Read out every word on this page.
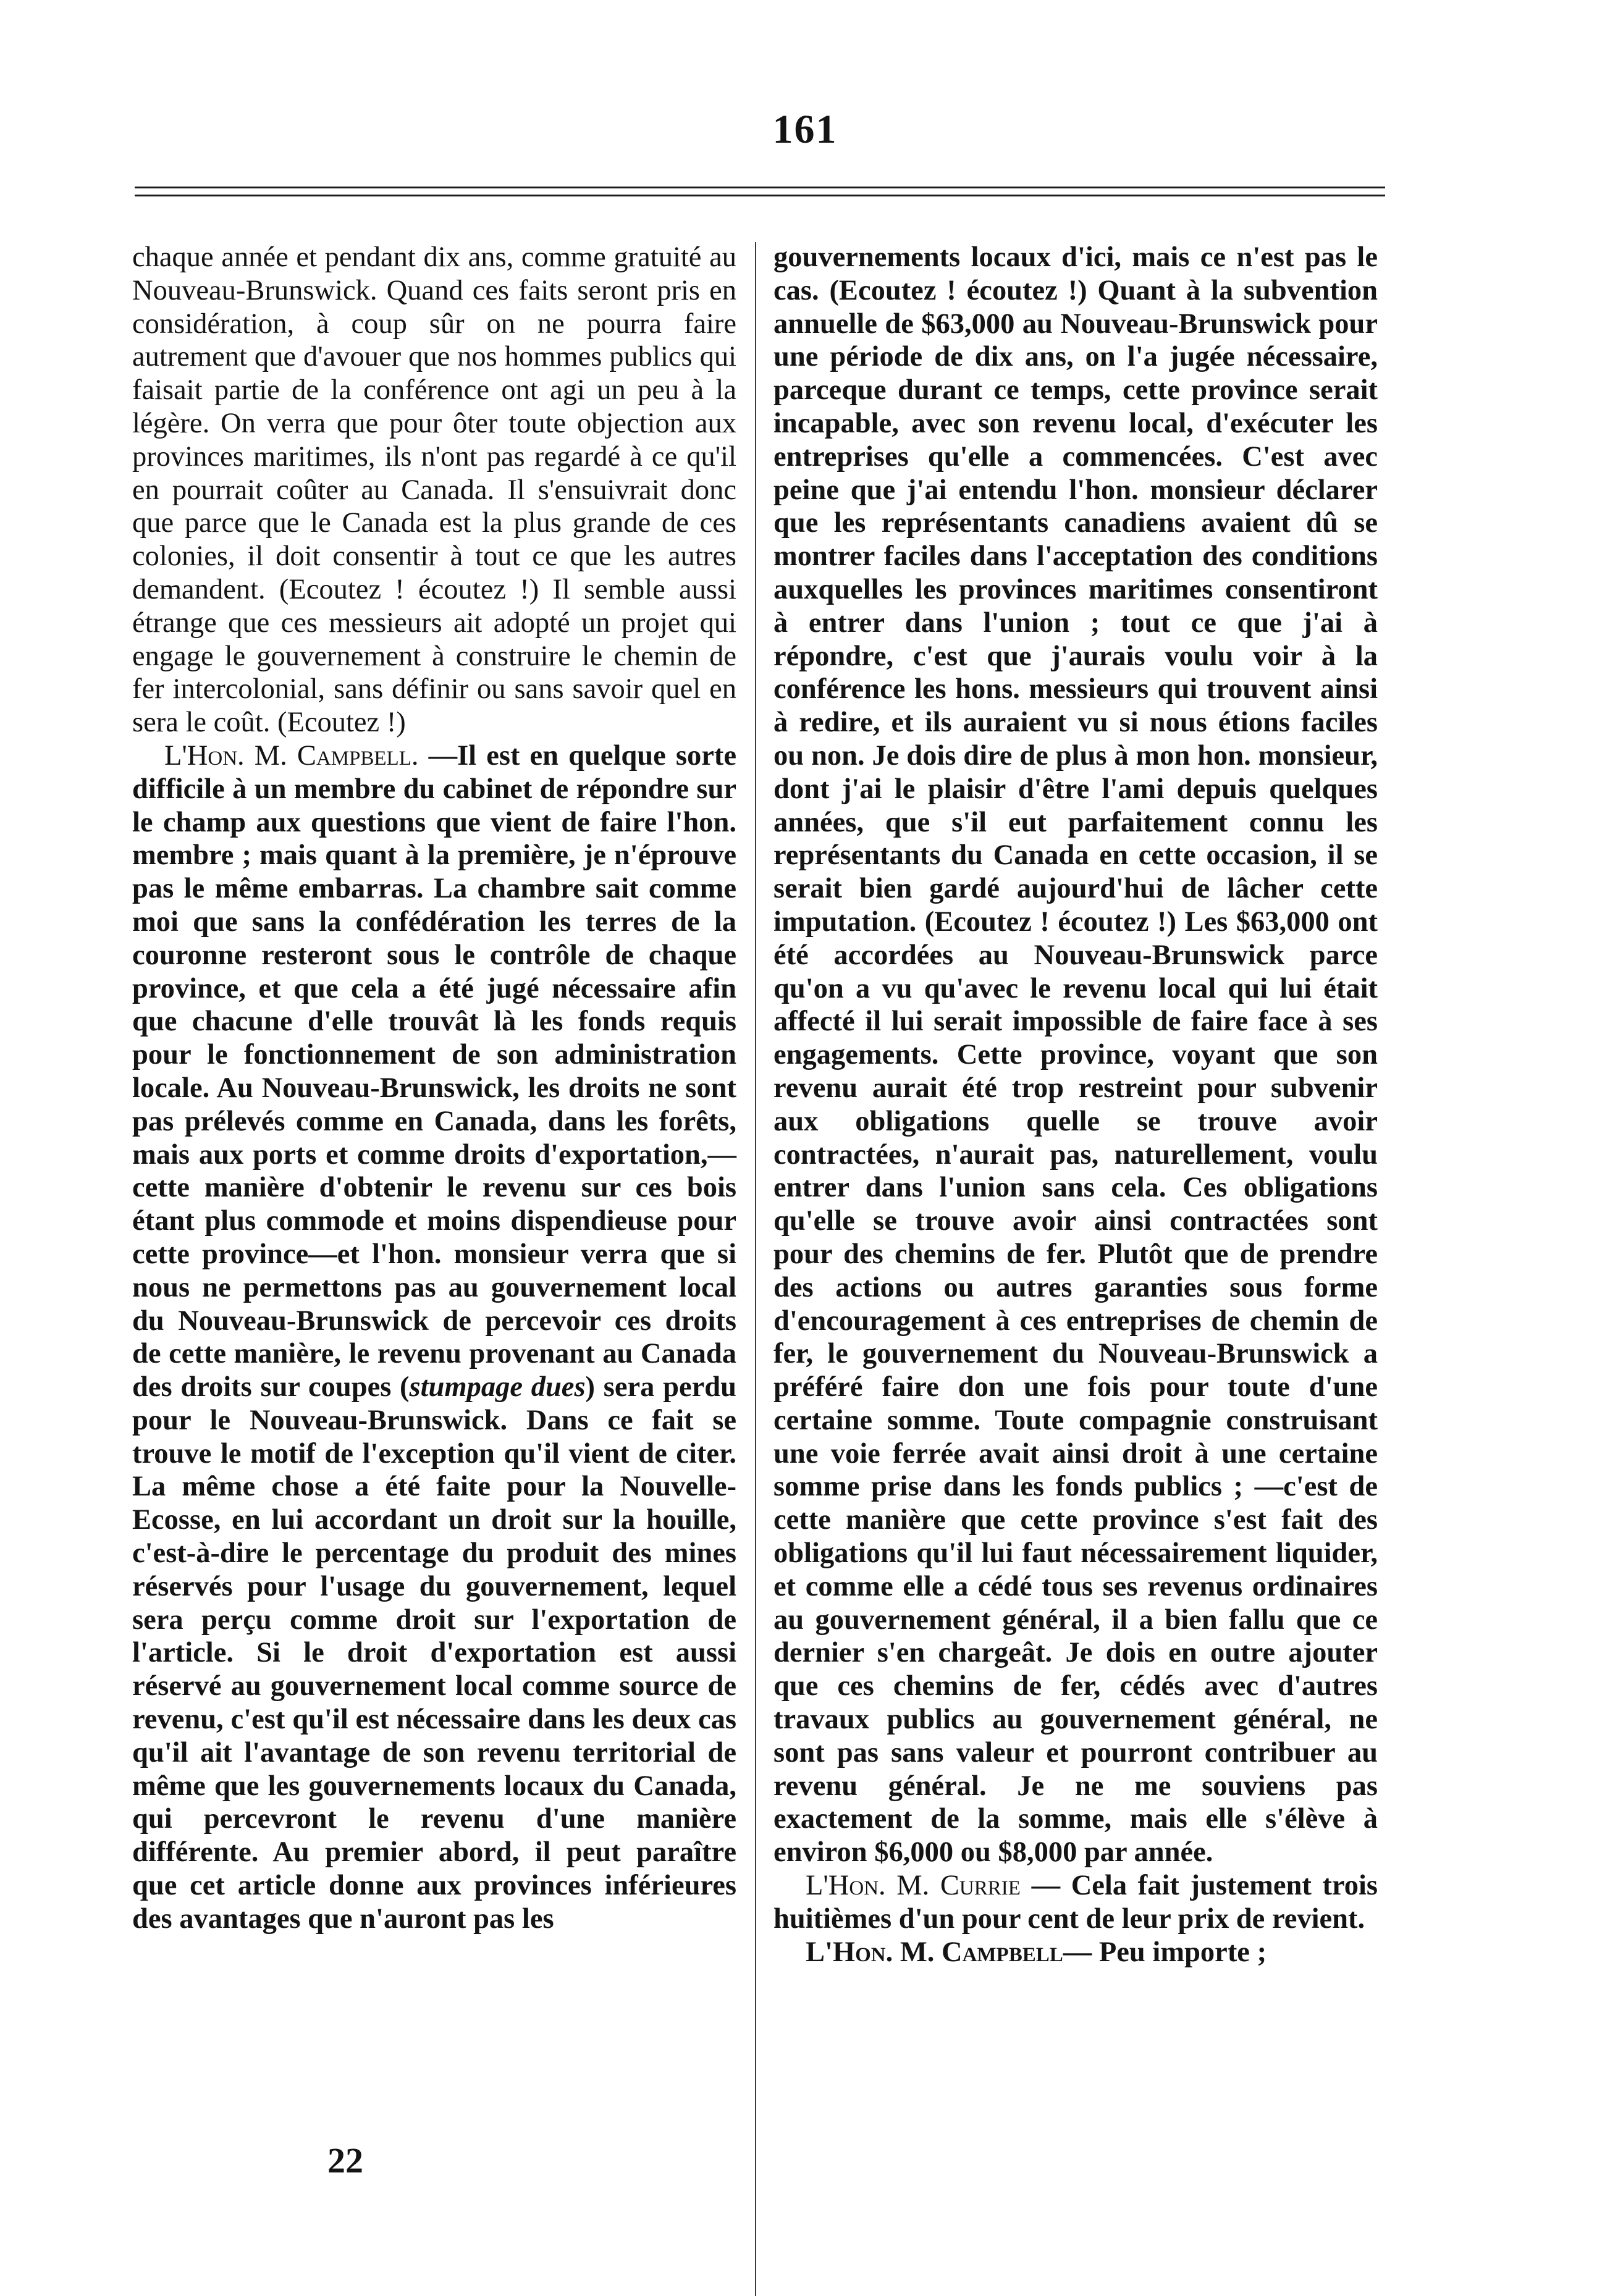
161

chaque année et pendant dix ans, comme gratuité au Nouveau-Brunswick. Quand ces faits seront pris en considération, à coup sûr on ne pourra faire autrement que d'avouer que nos hommes publics qui faisait partie de la conférence ont agi un peu à la légère. On verra que pour ôter toute objection aux provinces maritimes, ils n'ont pas regardé à ce qu'il en pourrait coûter au Canada. Il s'ensuivrait donc que parce que le Canada est la plus grande de ces colonies, il doit consentir à tout ce que les autres demandent. (Ecoutez ! écoutez !) Il semble aussi étrange que ces messieurs ait adopté un projet qui engage le gouvernement à construire le chemin de fer intercolonial, sans définir ou sans savoir quel en sera le coût. (Ecoutez !)

L'Hon. M. Campbell. —Il est en quelque sorte difficile à un membre du cabinet de répondre sur le champ aux questions que vient de faire l'hon. membre ; mais quant à la première, je n'éprouve pas le même embarras. La chambre sait comme moi que sans la confédération les terres de la couronne resteront sous le contrôle de chaque province, et que cela a été jugé nécessaire afin que chacune d'elle trouvât là les fonds requis pour le fonctionnement de son administration locale. Au Nouveau-Brunswick, les droits ne sont pas prélevés comme en Canada, dans les forêts, mais aux ports et comme droits d'exportation,—cette manière d'obtenir le revenu sur ces bois étant plus commode et moins dispendieuse pour cette province—et l'hon. monsieur verra que si nous ne permettons pas au gouvernement local du Nouveau-Brunswick de percevoir ces droits de cette manière, le revenu provenant au Canada des droits sur coupes (stumpage dues) sera perdu pour le Nouveau-Brunswick. Dans ce fait se trouve le motif de l'exception qu'il vient de citer. La même chose a été faite pour la Nouvelle-Ecosse, en lui accordant un droit sur la houille, c'est-à-dire le percentage du produit des mines réservés pour l'usage du gouvernement, lequel sera perçu comme droit sur l'exportation de l'article. Si le droit d'exportation est aussi réservé au gouvernement local comme source de revenu, c'est qu'il est nécessaire dans les deux cas qu'il ait l'avantage de son revenu territorial de même que les gouvernements locaux du Canada, qui percevront le revenu d'une manière différente. Au premier abord, il peut paraître que cet article donne aux provinces inférieures des avantages que n'auront pas les

gouvernements locaux d'ici, mais ce n'est pas le cas. (Ecoutez ! écoutez !) Quant à la subvention annuelle de $63,000 au Nouveau-Brunswick pour une période de dix ans, on l'a jugée nécessaire, parceque durant ce temps, cette province serait incapable, avec son revenu local, d'exécuter les entreprises qu'elle a commencées. C'est avec peine que j'ai entendu l'hon. monsieur déclarer que les représentants canadiens avaient dû se montrer faciles dans l'acceptation des conditions auxquelles les provinces maritimes consentiront à entrer dans l'union ; tout ce que j'ai à répondre, c'est que j'aurais voulu voir à la conférence les hons. messieurs qui trouvent ainsi à redire, et ils auraient vu si nous étions faciles ou non. Je dois dire de plus à mon hon. monsieur, dont j'ai le plaisir d'être l'ami depuis quelques années, que s'il eut parfaitement connu les représentants du Canada en cette occasion, il se serait bien gardé aujourd'hui de lâcher cette imputation. (Ecoutez ! écoutez !) Les $63,000 ont été accordées au Nouveau-Brunswick parce qu'on a vu qu'avec le revenu local qui lui était affecté il lui serait impossible de faire face à ses engagements. Cette province, voyant que son revenu aurait été trop restreint pour subvenir aux obligations quelle se trouve avoir contractées, n'aurait pas, naturellement, voulu entrer dans l'union sans cela. Ces obligations qu'elle se trouve avoir ainsi contractées sont pour des chemins de fer. Plutôt que de prendre des actions ou autres garanties sous forme d'encouragement à ces entreprises de chemin de fer, le gouvernement du Nouveau-Brunswick a préféré faire don une fois pour toute d'une certaine somme. Toute compagnie construisant une voie ferrée avait ainsi droit à une certaine somme prise dans les fonds publics ; —c'est de cette manière que cette province s'est fait des obligations qu'il lui faut nécessairement liquider, et comme elle a cédé tous ses revenus ordinaires au gouvernement général, il a bien fallu que ce dernier s'en chargeât. Je dois en outre ajouter que ces chemins de fer, cédés avec d'autres travaux publics au gouvernement général, ne sont pas sans valeur et pourront contribuer au revenu général. Je ne me souviens pas exactement de la somme, mais elle s'élève à environ $6,000 ou $8,000 par année.

L'Hon. M. Currie — Cela fait justement trois huitièmes d'un pour cent de leur prix de revient.

L'Hon. M. Campbell— Peu importe ;

22
